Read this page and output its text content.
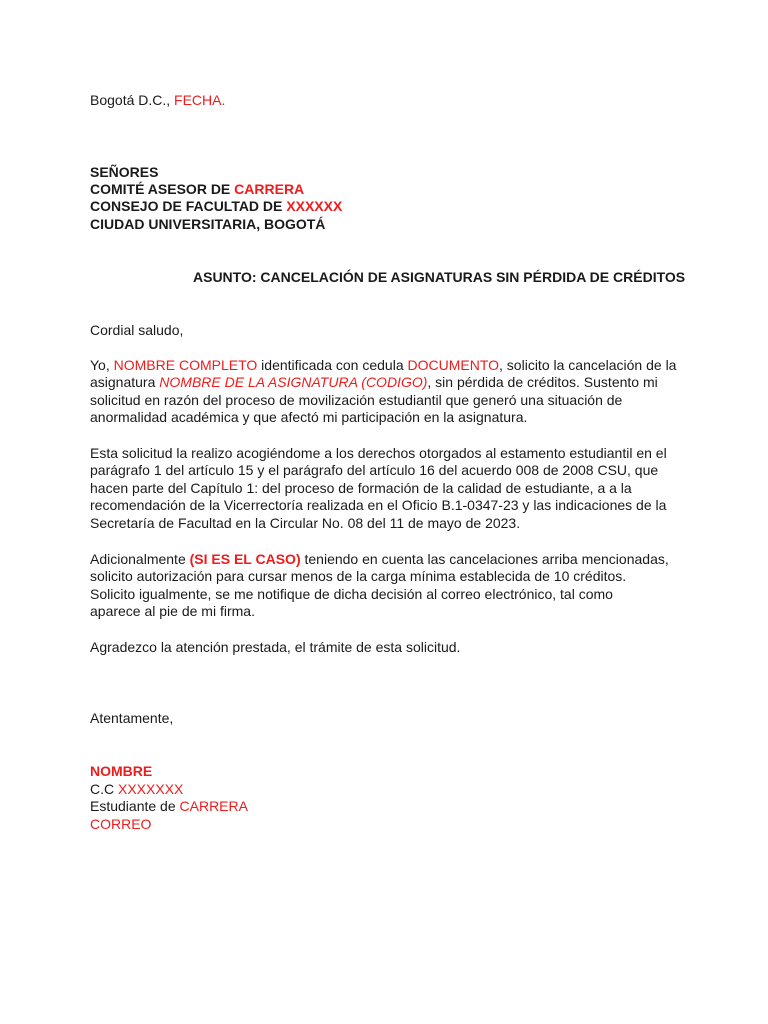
Bogotá D.C., FECHA.
SEÑORES
COMITÉ ASESOR DE CARRERA
CONSEJO DE FACULTAD DE XXXXXX
CIUDAD UNIVERSITARIA, BOGOTÁ
ASUNTO: CANCELACIÓN DE ASIGNATURAS SIN PÉRDIDA DE CRÉDITOS
Cordial saludo,
Yo, NOMBRE COMPLETO identificada con cedula DOCUMENTO, solicito la cancelación de la
asignatura NOMBRE DE LA ASIGNATURA (CODIGO), sin pérdida de créditos. Sustento mi
solicitud en razón del proceso de movilización estudiantil que generó una situación de
anormalidad académica y que afectó mi participación en la asignatura.
Esta solicitud la realizo acogiéndome a los derechos otorgados al estamento estudiantil en el
parágrafo 1 del artículo 15 y el parágrafo del artículo 16 del acuerdo 008 de 2008 CSU, que
hacen parte del Capítulo 1: del proceso de formación de la calidad de estudiante, a a la
recomendación de la Vicerrectoría realizada en el Oficio B.1-0347-23 y las indicaciones de la
Secretaría de Facultad en la Circular No. 08 del 11 de mayo de 2023.
Adicionalmente (SI ES EL CASO) teniendo en cuenta las cancelaciones arriba mencionadas,
solicito autorización para cursar menos de la carga mínima establecida de 10 créditos.
Solicito igualmente, se me notifique de dicha decisión al correo electrónico, tal como
aparece al pie de mi firma.
Agradezco la atención prestada, el trámite de esta solicitud.
Atentamente,
NOMBRE
C.C XXXXXXX
Estudiante de CARRERA
CORREO
